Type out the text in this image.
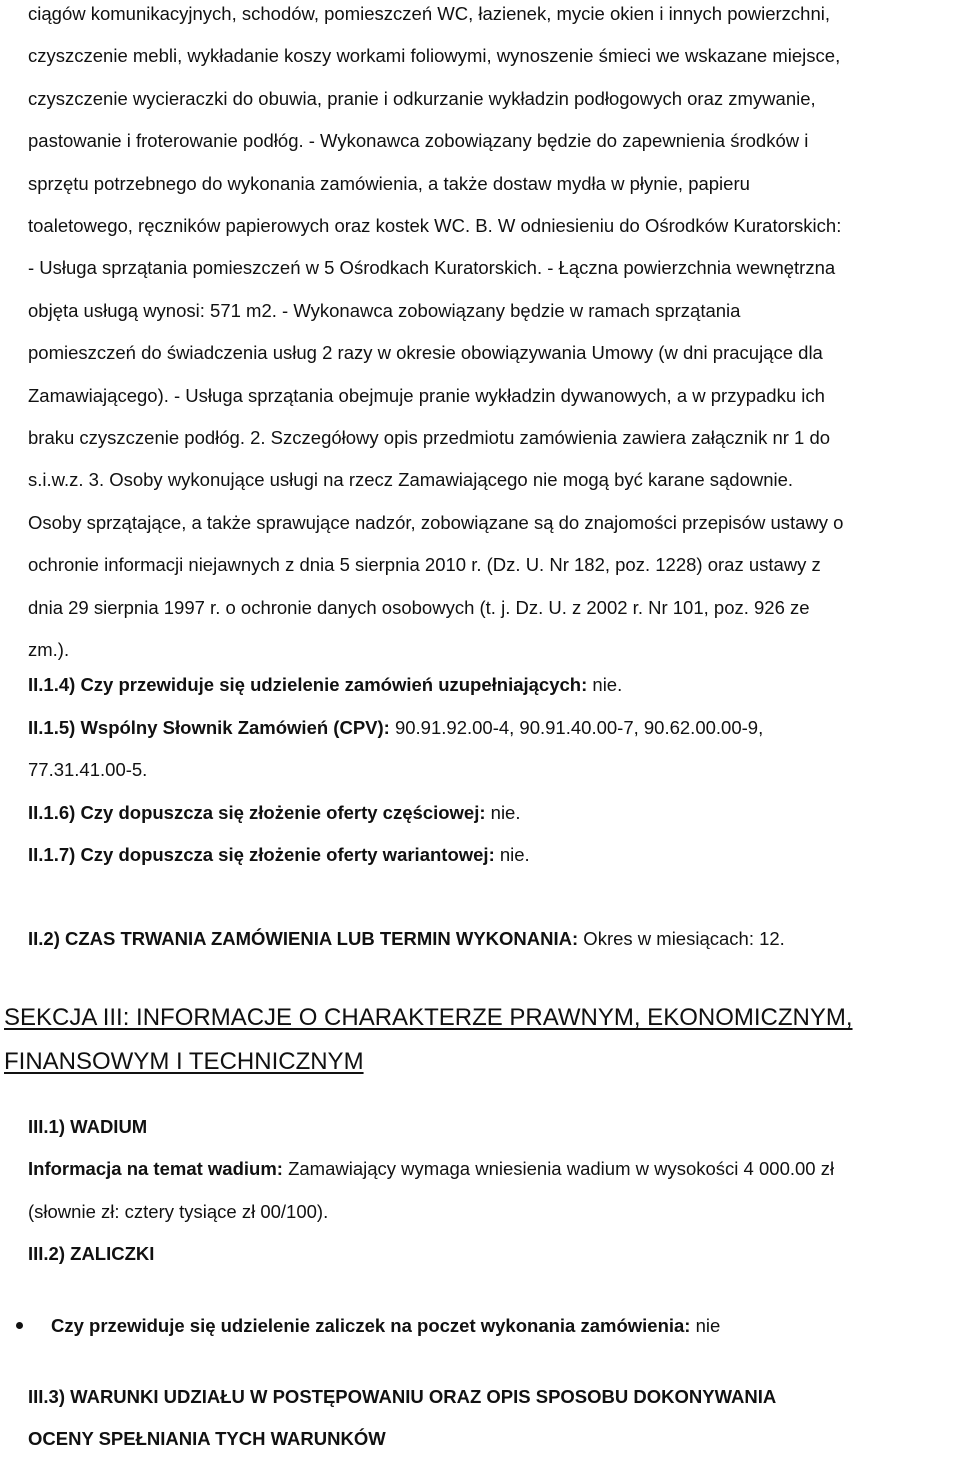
ciągów komunikacyjnych, schodów, pomieszczeń WC, łazienek, mycie okien i innych powierzchni,
czyszczenie mebli, wykładanie koszy workami foliowymi, wynoszenie śmieci we wskazane miejsce,
czyszczenie wycieraczki do obuwia, pranie i odkurzanie wykładzin podłogowych oraz zmywanie,
pastowanie i froterowanie podłóg. - Wykonawca zobowiązany będzie do zapewnienia środków i
sprzętu potrzebnego do wykonania zamówienia, a także dostaw mydła w płynie, papieru
toaletowego, ręczników papierowych oraz kostek WC. B. W odniesieniu do Ośrodków Kuratorskich:
- Usługa sprzątania pomieszczeń w 5 Ośrodkach Kuratorskich. - Łączna powierzchnia wewnętrzna
objęta usługą wynosi: 571 m2. - Wykonawca zobowiązany będzie w ramach sprzątania
pomieszczeń do świadczenia usług 2 razy w okresie obowiązywania Umowy (w dni pracujące dla
Zamawiającego). - Usługa sprzątania obejmuje pranie wykładzin dywanowych, a w przypadku ich
braku czyszczenie podłóg. 2. Szczegółowy opis przedmiotu zamówienia zawiera załącznik nr 1 do
s.i.w.z. 3. Osoby wykonujące usługi na rzecz Zamawiającego nie mogą być karane sądownie.
Osoby sprzątające, a także sprawujące nadzór, zobowiązane są do znajomości przepisów ustawy o
ochronie informacji niejawnych z dnia 5 sierpnia 2010 r. (Dz. U. Nr 182, poz. 1228) oraz ustawy z
dnia 29 sierpnia 1997 r. o ochronie danych osobowych (t. j. Dz. U. z 2002 r. Nr 101, poz. 926 ze
zm.).
II.1.4) Czy przewiduje się udzielenie zamówień uzupełniających: nie.
II.1.5) Wspólny Słownik Zamówień (CPV): 90.91.92.00-4, 90.91.40.00-7, 90.62.00.00-9,
77.31.41.00-5.
II.1.6) Czy dopuszcza się złożenie oferty częściowej: nie.
II.1.7) Czy dopuszcza się złożenie oferty wariantowej: nie.
II.2) CZAS TRWANIA ZAMÓWIENIA LUB TERMIN WYKONANIA: Okres w miesiącach: 12.
SEKCJA III: INFORMACJE O CHARAKTERZE PRAWNYM, EKONOMICZNYM,
FINANSOWYM I TECHNICZNYM
III.1) WADIUM
Informacja na temat wadium: Zamawiający wymaga wniesienia wadium w wysokości 4 000.00 zł
(słownie zł: cztery tysiące zł 00/100).
III.2) ZALICZKI
Czy przewiduje się udzielenie zaliczek na poczet wykonania zamówienia: nie
III.3) WARUNKI UDZIAŁU W POSTĘPOWANIU ORAZ OPIS SPOSOBU DOKONYWANIA
OCENY SPEŁNIANIA TYCH WARUNKÓW
